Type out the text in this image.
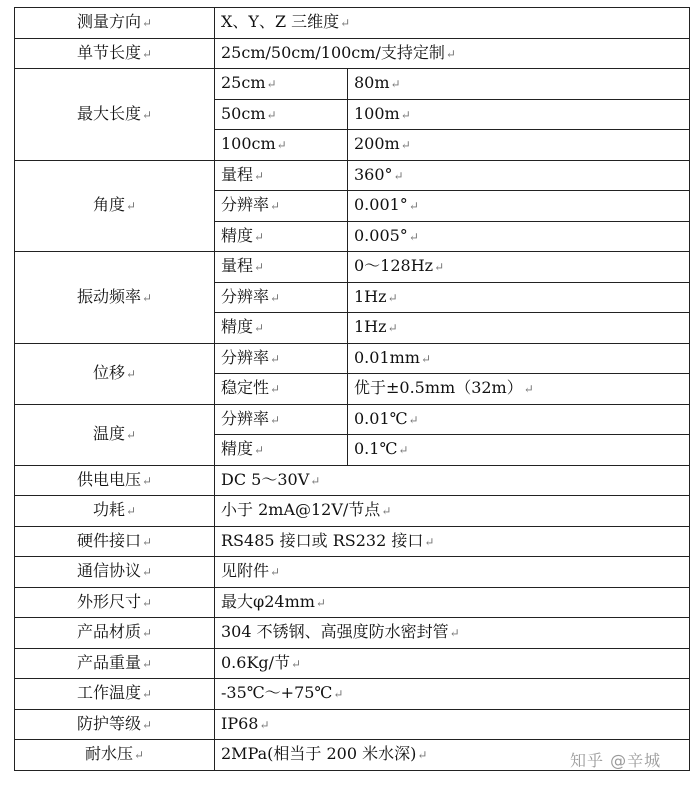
测量方向↵	X、Y、Z 三维度↵	
单节长度↵	25cm/50cm/100cm/支持定制↵	
最大长度↵	25cm↵	80m↵
	50cm↵	100m↵
	100cm↵	200m↵
角度↵	量程↵	360°↵
	分辨率↵	0.001°↵
	精度↵	0.005°↵
振动频率↵	量程↵	0～128Hz↵
	分辨率↵	1Hz↵
	精度↵	1Hz↵
位移↵	分辨率↵	0.01mm↵
	稳定性↵	优于±0.5mm（32m）↵
温度↵	分辨率↵	0.01℃↵
	精度↵	0.1℃↵
供电电压↵	DC 5～30V↵	
功耗↵	小于 2mA@12V/节点↵	
硬件接口↵	RS485 接口或 RS232 接口↵	
通信协议↵	见附件↵	
外形尺寸↵	最大φ24mm↵	
产品材质↵	304 不锈钢、高强度防水密封管↵	
产品重量↵	0.6Kg/节↵	
工作温度↵	-35℃～+75℃↵	
防护等级↵	IP68↵	
耐水压↵	2MPa(相当于 200 米水深)↵		知乎 @辛城
